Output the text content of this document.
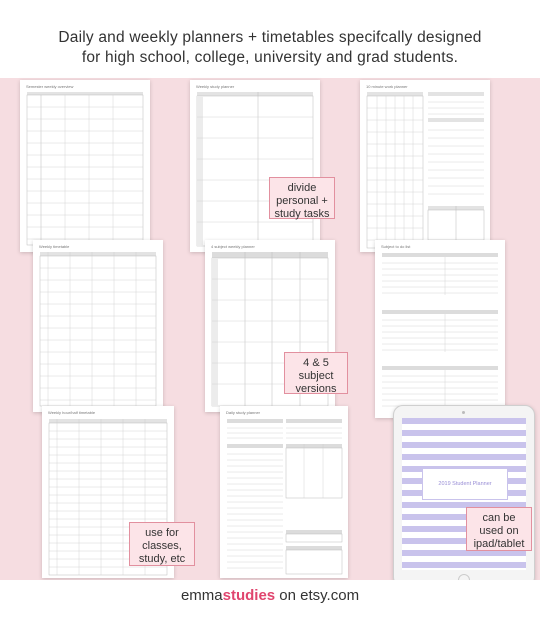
Daily and weekly planners + timetables specifcally designed
for high school, college, university and grad students.
Semester weekly overview	Weekly study planner	10 minute work planner
Weekly timetable	4 subject weekly planner	Subject to do list
Weekly hour/half timetable	Daily study planner
2019 Student Planner
divide
personal +
study tasks
4 & 5
subject
versions
use for
classes,
study, etc
can be
used on
ipad/tablet
emmastudies on etsy.com
